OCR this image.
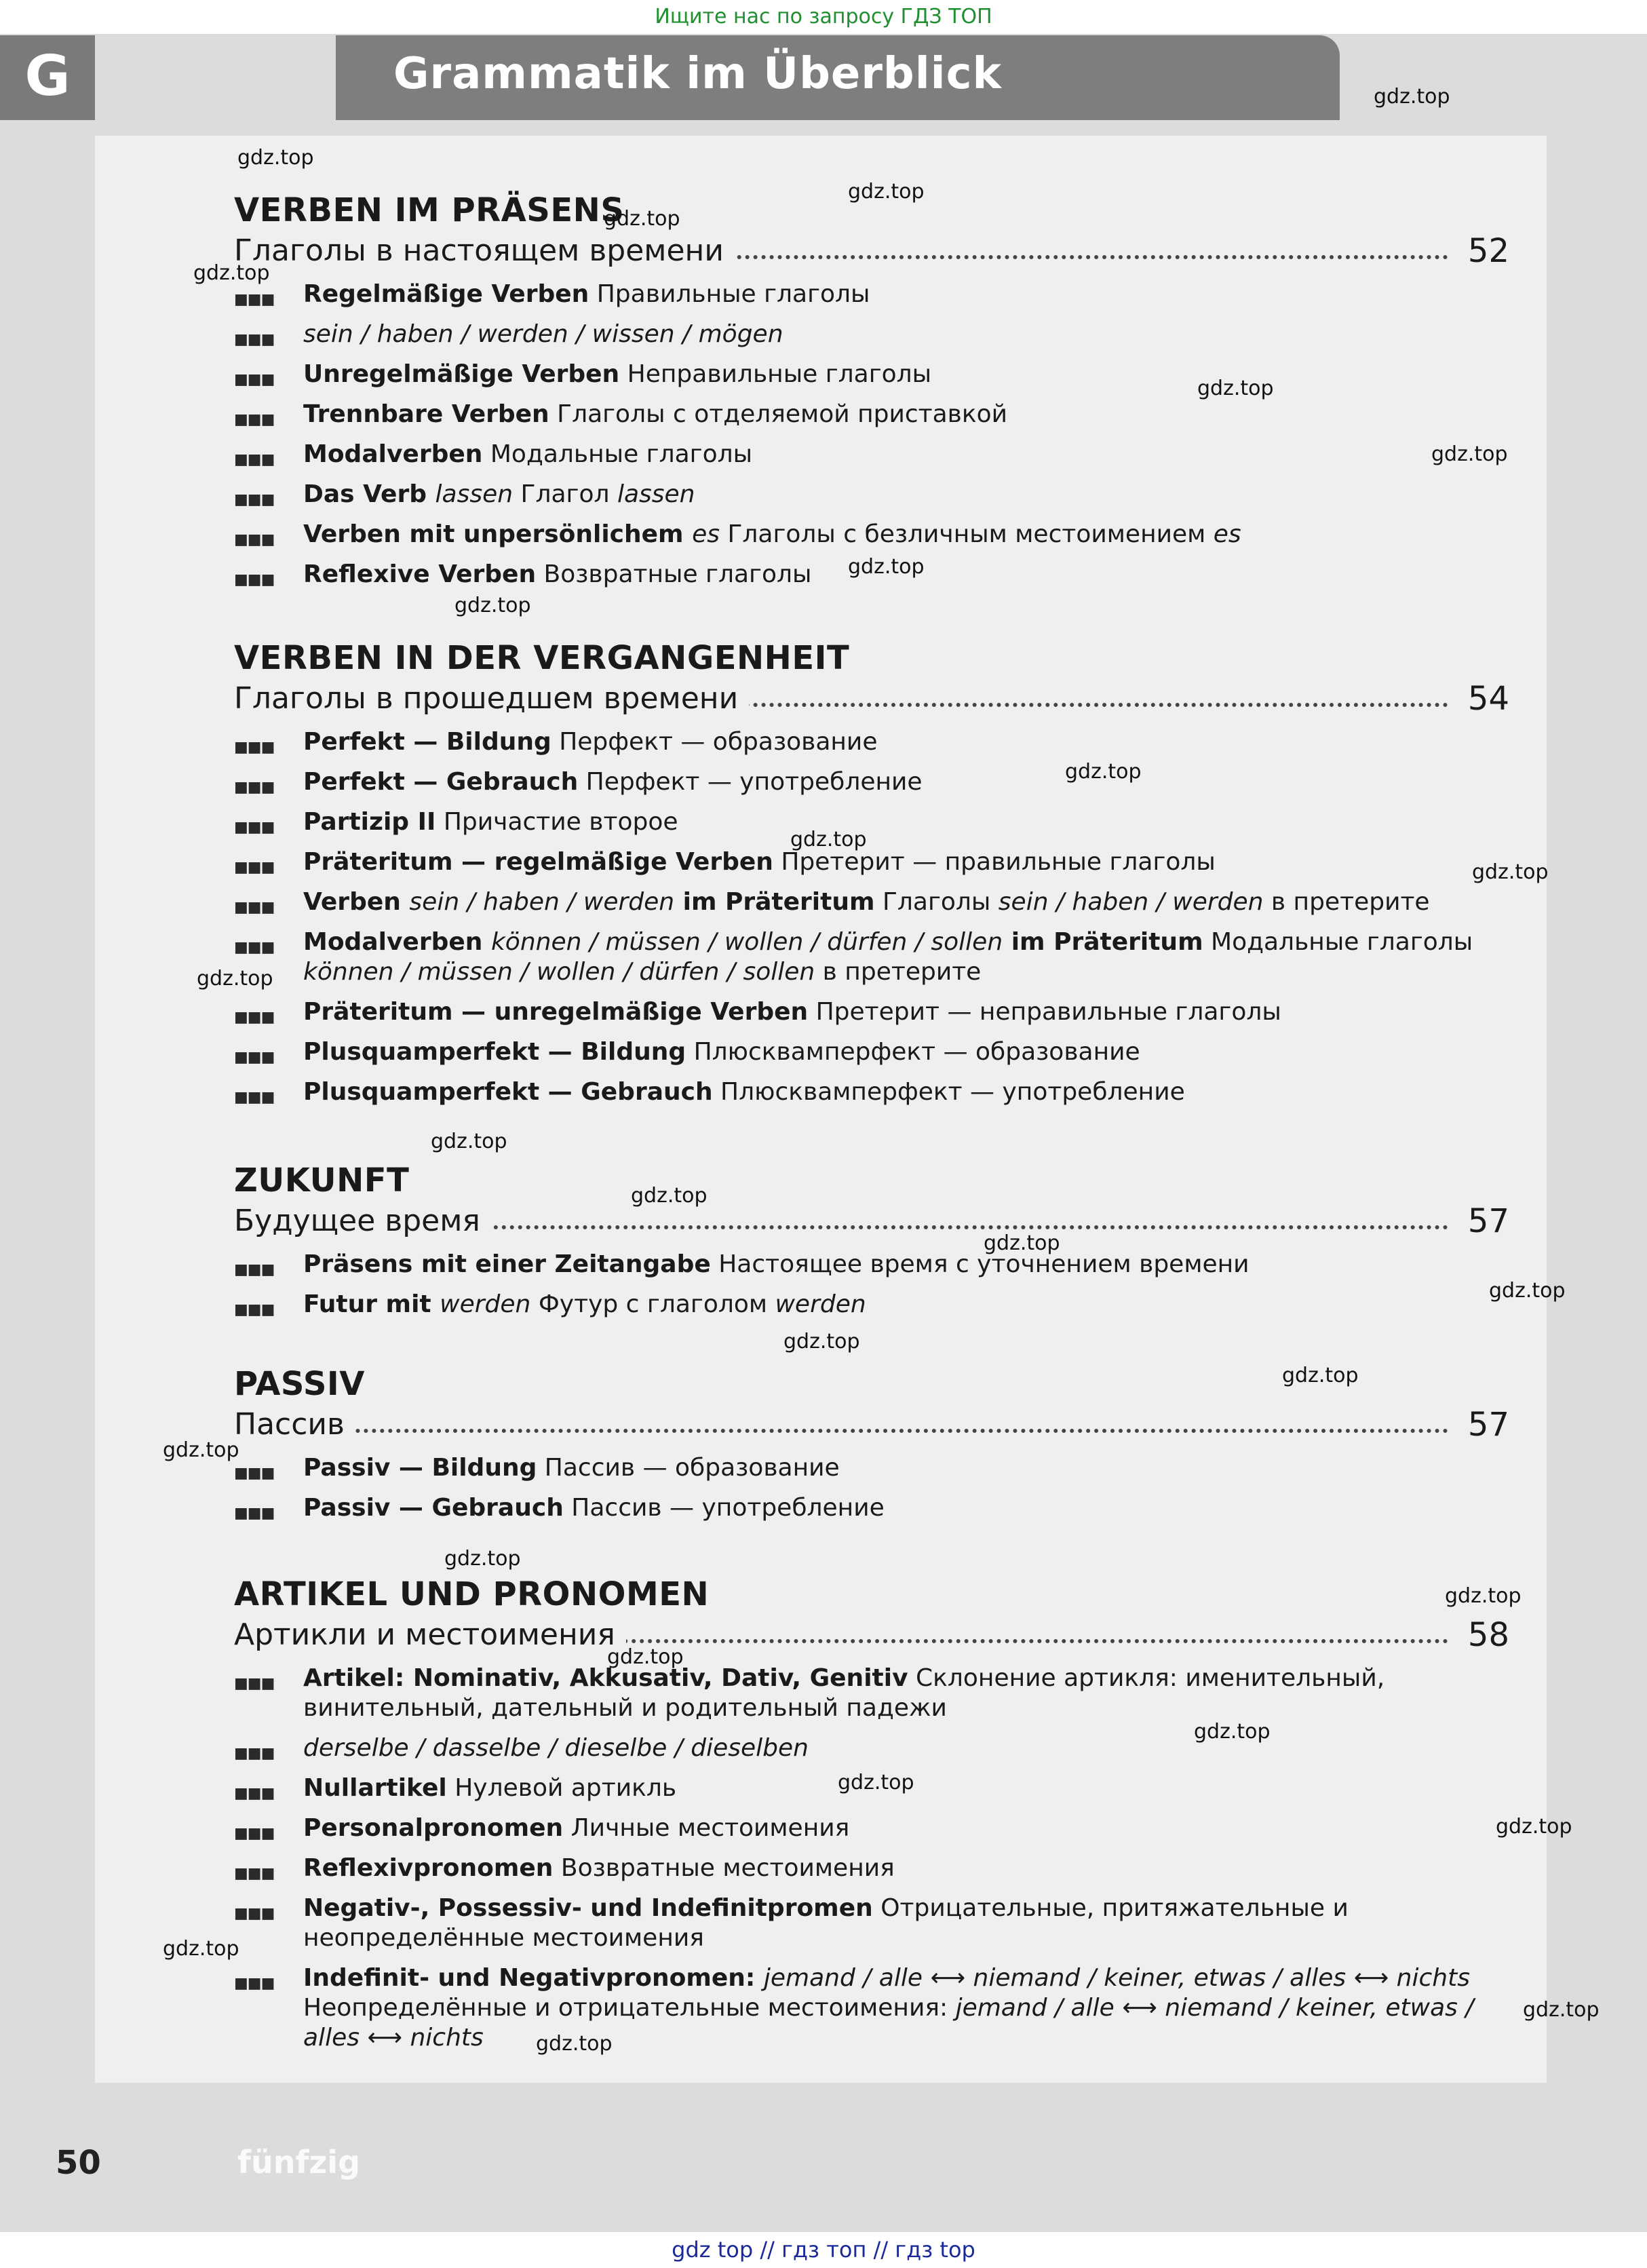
Ищите нас по запросу ГДЗ ТОП
G	Grammatik im Überblick
VERBEN IM PRÄSENS
Глаголы в настоящем времени	52
■■■ Regelmäßige Verben Правильные глаголы
■■■ sein / haben / werden / wissen / mögen
■■■ Unregelmäßige Verben Неправильные глаголы
■■■ Trennbare Verben Глаголы с отделяемой приставкой
■■■ Modalverben Модальные глаголы
■■■ Das Verb lassen Глагол lassen
■■■ Verben mit unpersönlichem es Глаголы с безличным местоимением es
■■■ Reflexive Verben Возвратные глаголы
VERBEN IN DER VERGANGENHEIT
Глаголы в прошедшем времени	54
■■■ Perfekt — Bildung Перфект — образование
■■■ Perfekt — Gebrauch Перфект — употребление
■■■ Partizip II Причастие второе
■■■ Präteritum — regelmäßige Verben Претерит — правильные глаголы
■■■ Verben sein / haben / werden im Präteritum Глаголы sein / haben / werden в претерите
■■■ Modalverben können / müssen / wollen / dürfen / sollen im Präteritum Модальные глаголы können / müssen / wollen / dürfen / sollen в претерите
■■■ Präteritum — unregelmäßige Verben Претерит — неправильные глаголы
■■■ Plusquamperfekt — Bildung Плюсквамперфект — образование
■■■ Plusquamperfekt — Gebrauch Плюсквамперфект — употребление
ZUKUNFT
Будущее время	57
■■■ Präsens mit einer Zeitangabe Настоящее время с уточнением времени
■■■ Futur mit werden Футур с глаголом werden
PASSIV
Пассив	57
■■■ Passiv — Bildung Пассив — образование
■■■ Passiv — Gebrauch Пассив — употребление
ARTIKEL UND PRONOMEN
Артикли и местоимения	58
■■■ Artikel: Nominativ, Akkusativ, Dativ, Genitiv Склонение артикля: именительный, винительный, дательный и родительный падежи
■■■ derselbe / dasselbe / dieselbe / dieselben
■■■ Nullartikel Нулевой артикль
■■■ Personalpronomen Личные местоимения
■■■ Reflexivpronomen Возвратные местоимения
■■■ Negativ-, Possessiv- und Indefinitpromen Отрицательные, притяжательные и неопределённые местоимения
■■■ Indefinit- und Negativpronomen: jemand / alle ⟷ niemand / keiner, etwas / alles ⟷ nichts Неопределённые и отрицательные местоимения: jemand / alle ⟷ niemand / keiner, etwas / alles ⟷ nichts
gdz.top
gdz.top
gdz.top
gdz.top
gdz.top
gdz.top
gdz.top
gdz.top
gdz.top
gdz.top
gdz.top
gdz.top
gdz.top
gdz.top
gdz.top
gdz.top
gdz.top
gdz.top
gdz.top
gdz.top
gdz.top
gdz.top
gdz.top
gdz.top
gdz.top
gdz.top
gdz.top
gdz.top
gdz.top
50	fünfzig
gdz top // гдз топ // гдз top
